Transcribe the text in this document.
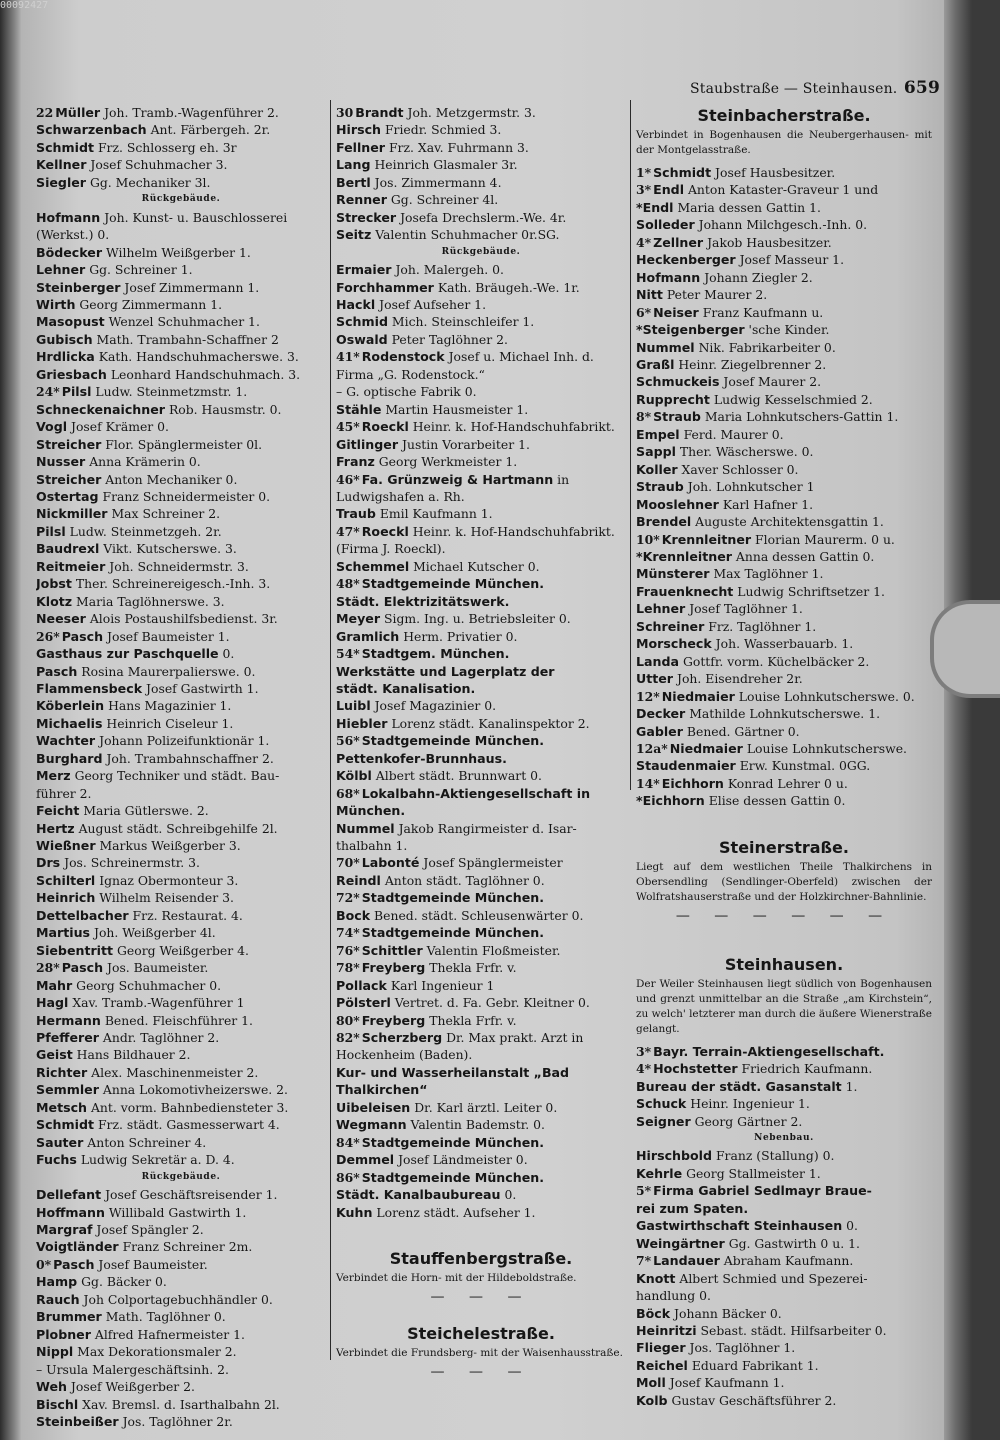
00092427
Staubstraße — Steinhausen. 659
22 Müller Joh. Tramb.-Wagenführer 2.
Schwarzenbach Ant. Färbergeh. 2r.
Schmidt Frz. Schlosserg eh. 3r
Kellner Josef Schuhmacher 3.
Siegler Gg. Mechaniker 3l.
Rückgebäude.
Hofmann Joh. Kunst- u. Bauschlosserei
(Werkst.) 0.
Bödecker Wilhelm Weißgerber 1.
Lehner Gg. Schreiner 1.
Steinberger Josef Zimmermann 1.
Wirth Georg Zimmermann 1.
Masopust Wenzel Schuhmacher 1.
Gubisch Math. Trambahn-Schaffner 2
Hrdlicka Kath. Handschuhmacherswe. 3.
Griesbach Leonhard Handschuhmach. 3.
24* Pilsl Ludw. Steinmetzmstr. 1.
Schneckenaichner Rob. Hausmstr. 0.
Vogl Josef Krämer 0.
Streicher Flor. Spänglermeister 0l.
Nusser Anna Krämerin 0.
Streicher Anton Mechaniker 0.
Ostertag Franz Schneidermeister 0.
Nickmiller Max Schreiner 2.
Pilsl Ludw. Steinmetzgeh. 2r.
Baudrexl Vikt. Kutscherswe. 3.
Reitmeier Joh. Schneidermstr. 3.
Jobst Ther. Schreinereigesch.-Inh. 3.
Klotz Maria Taglöhnerswe. 3.
Neeser Alois Postaushilfsbedienst. 3r.
26* Pasch Josef Baumeister 1.
Gasthaus zur Paschquelle 0.
Pasch Rosina Maurerpalierswe. 0.
Flammensbeck Josef Gastwirth 1.
Köberlein Hans Magazinier 1.
Michaelis Heinrich Ciseleur 1.
Wachter Johann Polizeifunktionär 1.
Burghard Joh. Trambahnschaffner 2.
Merz Georg Techniker und städt. Bau-
führer 2.
Feicht Maria Gütlerswe. 2.
Hertz August städt. Schreibgehilfe 2l.
Wießner Markus Weißgerber 3.
Drs Jos. Schreinermstr. 3.
Schilterl Ignaz Obermonteur 3.
Heinrich Wilhelm Reisender 3.
Dettelbacher Frz. Restaurat. 4.
Martius Joh. Weißgerber 4l.
Siebentritt Georg Weißgerber 4.
28* Pasch Jos. Baumeister.
Mahr Georg Schuhmacher 0.
Hagl Xav. Tramb.-Wagenführer 1
Hermann Bened. Fleischführer 1.
Pfefferer Andr. Taglöhner 2.
Geist Hans Bildhauer 2.
Richter Alex. Maschinenmeister 2.
Semmler Anna Lokomotivheizerswe. 2.
Metsch Ant. vorm. Bahnbediensteter 3.
Schmidt Frz. städt. Gasmesserwart 4.
Sauter Anton Schreiner 4.
Fuchs Ludwig Sekretär a. D. 4.
Rückgebäude.
Dellefant Josef Geschäftsreisender 1.
Hoffmann Willibald Gastwirth 1.
Margraf Josef Spängler 2.
Voigtländer Franz Schreiner 2m.
0* Pasch Josef Baumeister.
Hamp Gg. Bäcker 0.
Rauch Joh Colportagebuchhändler 0.
Brummer Math. Taglöhner 0.
Plobner Alfred Hafnermeister 1.
Nippl Max Dekorationsmaler 2.
– Ursula Malergeschäftsinh. 2.
Weh Josef Weißgerber 2.
Bischl Xav. Bremsl. d. Isarthalbahn 2l.
Steinbeißer Jos. Taglöhner 2r.
30 Brandt Joh. Metzgermstr. 3.
Hirsch Friedr. Schmied 3.
Fellner Frz. Xav. Fuhrmann 3.
Lang Heinrich Glasmaler 3r.
Bertl Jos. Zimmermann 4.
Renner Gg. Schreiner 4l.
Strecker Josefa Drechslerm.-We. 4r.
Seitz Valentin Schuhmacher 0r.SG.
Rückgebäude.
Ermaier Joh. Malergeh. 0.
Forchhammer Kath. Bräugeh.-We. 1r.
Hackl Josef Aufseher 1.
Schmid Mich. Steinschleifer 1.
Oswald Peter Taglöhner 2.
41* Rodenstock Josef u. Michael Inh. d.
Firma „G. Rodenstock.“
– G. optische Fabrik 0.
Stähle Martin Hausmeister 1.
45* Roeckl Heinr. k. Hof-Handschuhfabrikt.
Gitlinger Justin Vorarbeiter 1.
Franz Georg Werkmeister 1.
46* Fa. Grünzweig & Hartmann in
Ludwigshafen a. Rh.
Traub Emil Kaufmann 1.
47* Roeckl Heinr. k. Hof-Handschuhfabrikt.
(Firma J. Roeckl).
Schemmel Michael Kutscher 0.
48* Stadtgemeinde München.
Städt. Elektrizitätswerk.
Meyer Sigm. Ing. u. Betriebsleiter 0.
Gramlich Herm. Privatier 0.
54* Stadtgem. München.
Werkstätte und Lagerplatz der
städt. Kanalisation.
Luibl Josef Magazinier 0.
Hiebler Lorenz städt. Kanalinspektor 2.
56* Stadtgemeinde München.
Pettenkofer-Brunnhaus.
Kölbl Albert städt. Brunnwart 0.
68* Lokalbahn-Aktiengesellschaft in
München.
Nummel Jakob Rangirmeister d. Isar-
thalbahn 1.
70* Labonté Josef Spänglermeister
Reindl Anton städt. Taglöhner 0.
72* Stadtgemeinde München.
Bock Bened. städt. Schleusenwärter 0.
74* Stadtgemeinde München.
76* Schittler Valentin Floßmeister.
78* Freyberg Thekla Frfr. v.
Pollack Karl Ingenieur 1
Pölsterl Vertret. d. Fa. Gebr. Kleitner 0.
80* Freyberg Thekla Frfr. v.
82* Scherzberg Dr. Max prakt. Arzt in
Hockenheim (Baden).
Kur- und Wasserheilanstalt „Bad
Thalkirchen“
Uibeleisen Dr. Karl ärztl. Leiter 0.
Wegmann Valentin Bademstr. 0.
84* Stadtgemeinde München.
Demmel Josef Ländmeister 0.
86* Stadtgemeinde München.
Städt. Kanalbaubureau 0.
Kuhn Lorenz städt. Aufseher 1.
Stauffenbergstraße.
Verbindet die Horn- mit der Hildeboldstraße.
— — —
Steichelestraße.
Verbindet die Frundsberg- mit der Waisenhausstraße.
— — —
Steinbacherstraße.
Verbindet in Bogenhausen die Neubergerhausen- mit der Montgelasstraße.
1* Schmidt Josef Hausbesitzer.
3* Endl Anton Kataster-Graveur 1 und
*Endl Maria dessen Gattin 1.
Solleder Johann Milchgesch.-Inh. 0.
4* Zellner Jakob Hausbesitzer.
Heckenberger Josef Masseur 1.
Hofmann Johann Ziegler 2.
Nitt Peter Maurer 2.
6* Neiser Franz Kaufmann u.
*Steigenberger 'sche Kinder.
Nummel Nik. Fabrikarbeiter 0.
Graßl Heinr. Ziegelbrenner 2.
Schmuckeis Josef Maurer 2.
Rupprecht Ludwig Kesselschmied 2.
8* Straub Maria Lohnkutschers-Gattin 1.
Empel Ferd. Maurer 0.
Sappl Ther. Wäscherswe. 0.
Koller Xaver Schlosser 0.
Straub Joh. Lohnkutscher 1
Mooslehner Karl Hafner 1.
Brendel Auguste Architektensgattin 1.
10* Krennleitner Florian Maurerm. 0 u.
*Krennleitner Anna dessen Gattin 0.
Münsterer Max Taglöhner 1.
Frauenknecht Ludwig Schriftsetzer 1.
Lehner Josef Taglöhner 1.
Schreiner Frz. Taglöhner 1.
Morscheck Joh. Wasserbauarb. 1.
Landa Gottfr. vorm. Küchelbäcker 2.
Utter Joh. Eisendreher 2r.
12* Niedmaier Louise Lohnkutscherswe. 0.
Decker Mathilde Lohnkutscherswe. 1.
Gabler Bened. Gärtner 0.
12a* Niedmaier Louise Lohnkutscherswe.
Staudenmaier Erw. Kunstmal. 0GG.
14* Eichhorn Konrad Lehrer 0 u.
*Eichhorn Elise dessen Gattin 0.
Steinerstraße.
Liegt auf dem westlichen Theile Thalkirchens in Obersendling (Sendlinger-Oberfeld) zwischen der Wolfratshauserstraße und der Holzkirchner-Bahnlinie.
— — — — — —
Steinhausen.
Der Weiler Steinhausen liegt südlich von Bogenhausen und grenzt unmittelbar an die Straße „am Kirchstein“, zu welch' letzterer man durch die äußere Wienerstraße gelangt.
3* Bayr. Terrain-Aktiengesellschaft.
4* Hochstetter Friedrich Kaufmann.
Bureau der städt. Gasanstalt 1.
Schuck Heinr. Ingenieur 1.
Seigner Georg Gärtner 2.
Nebenbau.
Hirschbold Franz (Stallung) 0.
Kehrle Georg Stallmeister 1.
5* Firma Gabriel Sedlmayr Braue-
rei zum Spaten.
Gastwirthschaft Steinhausen 0.
Weingärtner Gg. Gastwirth 0 u. 1.
7* Landauer Abraham Kaufmann.
Knott Albert Schmied und Spezerei-
handlung 0.
Böck Johann Bäcker 0.
Heinritzi Sebast. städt. Hilfsarbeiter 0.
Flieger Jos. Taglöhner 1.
Reichel Eduard Fabrikant 1.
Moll Josef Kaufmann 1.
Kolb Gustav Geschäftsführer 2.
